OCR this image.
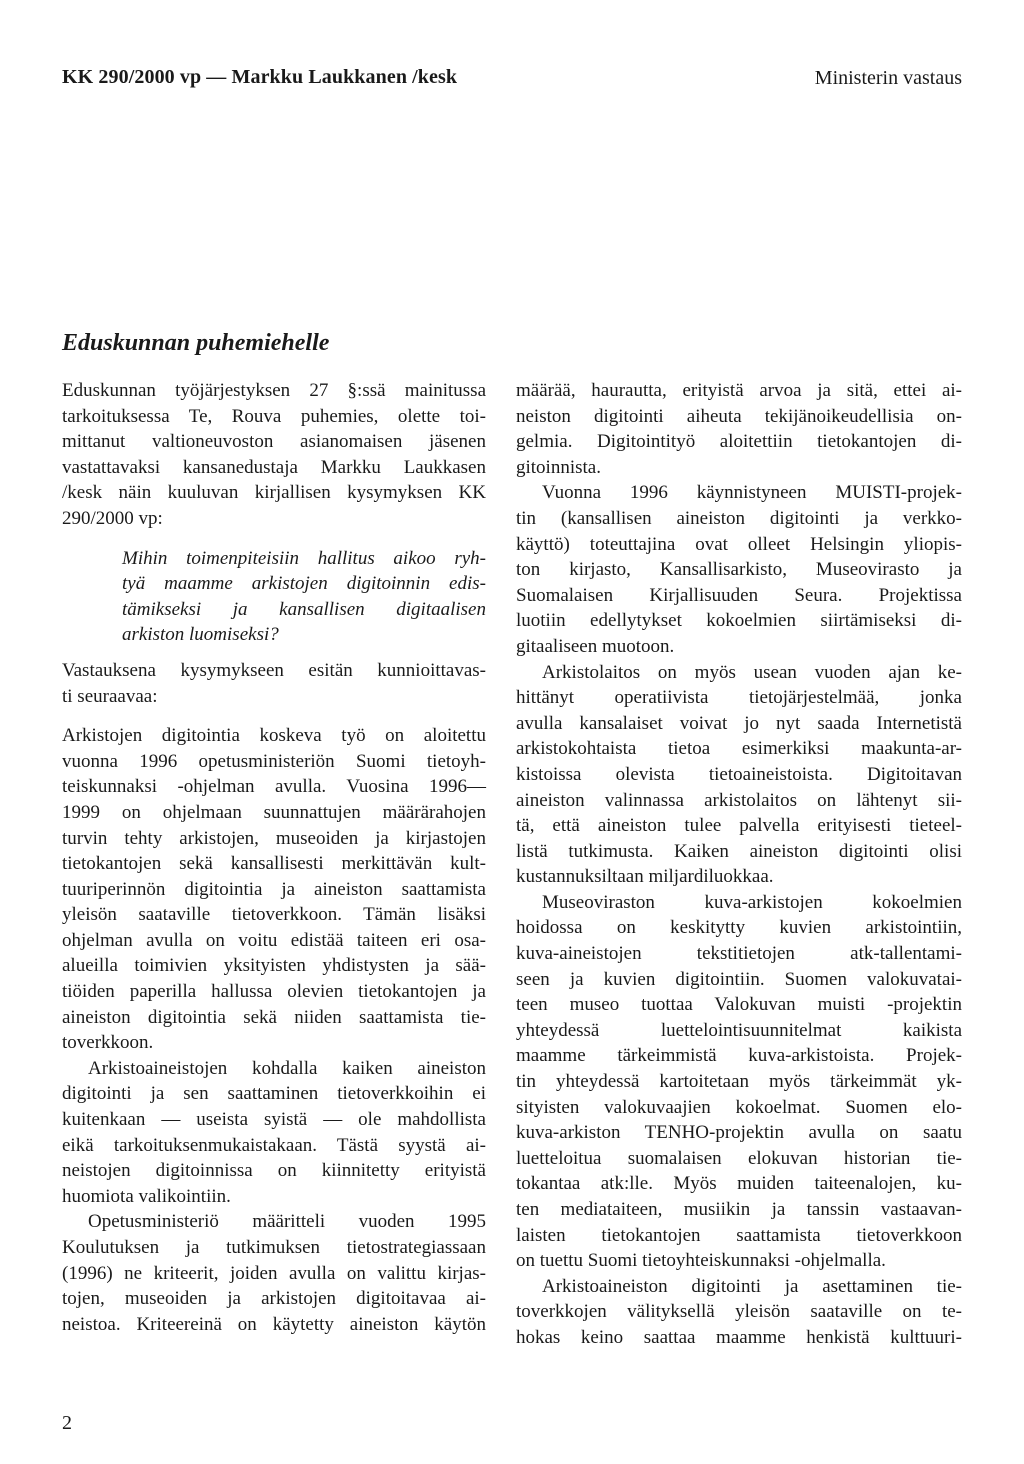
KK 290/2000 vp — Markku Laukkanen /kesk	Ministerin vastaus
Eduskunnan puhemiehelle
Eduskunnan työjärjestyksen 27 §:ssä mainitussa
tarkoituksessa Te, Rouva puhemies, olette toi-
mittanut valtioneuvoston asianomaisen jäsenen
vastattavaksi kansanedustaja Markku Laukkasen
/kesk näin kuuluvan kirjallisen kysymyksen KK
290/2000 vp:
Mihin toimenpiteisiin hallitus aikoo ryh-
tyä maamme arkistojen digitoinnin edis-
tämikseksi ja kansallisen digitaalisen
arkiston luomiseksi?
Vastauksena kysymykseen esitän kunnioittavas-
ti seuraavaa:
Arkistojen digitointia koskeva työ on aloitettu
vuonna 1996 opetusministeriön Suomi tietoyh-
teiskunnaksi -ohjelman avulla. Vuosina 1996—
1999 on ohjelmaan suunnattujen määrärahojen
turvin tehty arkistojen, museoiden ja kirjastojen
tietokantojen sekä kansallisesti merkittävän kult-
tuuriperinnön digitointia ja aineiston saattamista
yleisön saataville tietoverkkoon. Tämän lisäksi
ohjelman avulla on voitu edistää taiteen eri osa-
alueilla toimivien yksityisten yhdistysten ja sää-
tiöiden paperilla hallussa olevien tietokantojen ja
aineiston digitointia sekä niiden saattamista tie-
toverkkoon.
Arkistoaineistojen kohdalla kaiken aineiston
digitointi ja sen saattaminen tietoverkkoihin ei
kuitenkaan — useista syistä — ole mahdollista
eikä tarkoituksenmukaistakaan. Tästä syystä ai-
neistojen digitoinnissa on kiinnitetty erityistä
huomiota valikointiin.
Opetusministeriö määritteli vuoden 1995
Koulutuksen ja tutkimuksen tietostrategiassaan
(1996) ne kriteerit, joiden avulla on valittu kirjas-
tojen, museoiden ja arkistojen digitoitavaa ai-
neistoa. Kriteereinä on käytetty aineiston käytön
määrää, haurautta, erityistä arvoa ja sitä, ettei ai-
neiston digitointi aiheuta tekijänoikeudellisia on-
gelmia. Digitointityö aloitettiin tietokantojen di-
gitoinnista.
Vuonna 1996 käynnistyneen MUISTI-projek-
tin (kansallisen aineiston digitointi ja verkko-
käyttö) toteuttajina ovat olleet Helsingin yliopis-
ton kirjasto, Kansallisarkisto, Museovirasto ja
Suomalaisen Kirjallisuuden Seura. Projektissa
luotiin edellytykset kokoelmien siirtämiseksi di-
gitaaliseen muotoon.
Arkistolaitos on myös usean vuoden ajan ke-
hittänyt operatiivista tietojärjestelmää, jonka
avulla kansalaiset voivat jo nyt saada Internetistä
arkistokohtaista tietoa esimerkiksi maakunta-ar-
kistoissa olevista tietoaineistoista. Digitoitavan
aineiston valinnassa arkistolaitos on lähtenyt sii-
tä, että aineiston tulee palvella erityisesti tieteel-
listä tutkimusta. Kaiken aineiston digitointi olisi
kustannuksiltaan miljardiluokkaa.
Museoviraston kuva-arkistojen kokoelmien
hoidossa on keskitytty kuvien arkistointiin,
kuva-aineistojen tekstitietojen atk-tallentami-
seen ja kuvien digitointiin. Suomen valokuvatai-
teen museo tuottaa Valokuvan muisti -projektin
yhteydessä luettelointisuunnitelmat kaikista
maamme tärkeimmistä kuva-arkistoista. Projek-
tin yhteydessä kartoitetaan myös tärkeimmät yk-
sityisten valokuvaajien kokoelmat. Suomen elo-
kuva-arkiston TENHO-projektin avulla on saatu
luetteloitua suomalaisen elokuvan historian tie-
tokantaa atk:lle. Myös muiden taiteenalojen, ku-
ten mediataiteen, musiikin ja tanssin vastaavan-
laisten tietokantojen saattamista tietoverkkoon
on tuettu Suomi tietoyhteiskunnaksi -ohjelmalla.
Arkistoaineiston digitointi ja asettaminen tie-
toverkkojen välityksellä yleisön saataville on te-
hokas keino saattaa maamme henkistä kulttuuri-
2
